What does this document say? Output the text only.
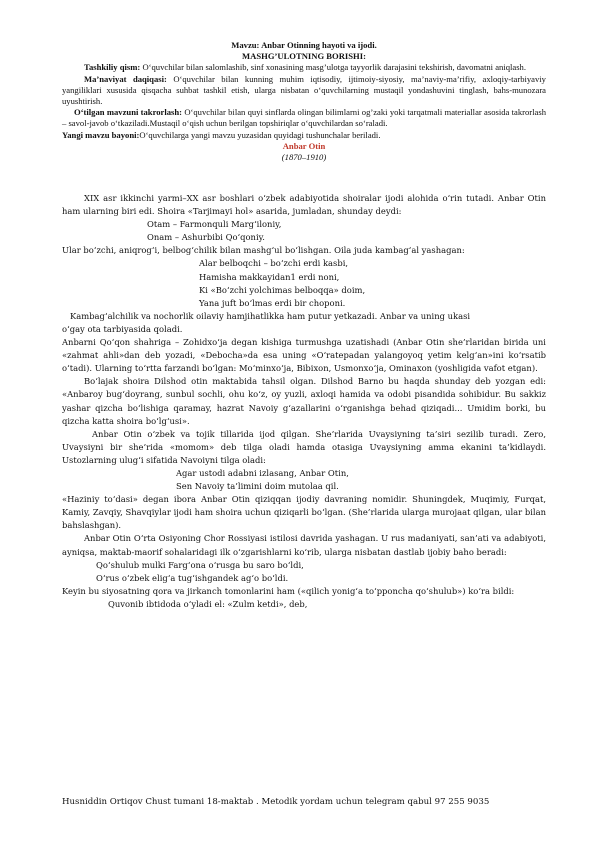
Mavzu: Anbar Otinning hayoti va ijodi.
MASHG’ULOTNING BORISHI:
Tashkiliy qism: O‘quvchilar bilan salomlashib, sinf xonasining masg’ulotga tayyorlik darajasini tekshirish, davomatni aniqlash.
Ma’naviyat daqiqasi: O‘quvchilar bilan kunning muhim iqtisodiy, ijtimoiy-siyosiy, ma’naviy-ma’rifiy, axloqiy-tarbiyaviy yangiliklari xususida qisqacha suhbat tashkil etish, ularga nisbatan o‘quvchilarning mustaqil yondashuvini tinglash, bahs-munozara uyushtirish.
O‘tilgan mavzuni takrorlash: O‘quvchilar bilan quyi sinflarda olingan bilimlarni og’zaki yoki tarqatmali materiallar asosida takrorlash – savol-javob o‘tkaziladi.Mustaqil o‘qish uchun berilgan topshiriqlar o‘quvchilardan so‘raladi.
Yangi mavzu bayoni:O‘quvchilarga yangi mavzu yuzasidan quyidagi tushunchalar beriladi.
Anbar Otin
(1870–1910)
XIX asr ikkinchi yarmi–XX asr boshlari o‘zbek adabiyotida shoiralar ijodi alohida o‘rin tutadi. Anbar Otin ham ularning biri edi. Shoira «Tarjimayi hol» asarida, jumladan, shunday deydi:
Otam – Farmonquli Marg‘iloniy,
Onam – Ashurbibi Qo‘qoniy.
Ular bo‘zchi, aniqrog‘i, belbog‘chilik bilan mashg‘ul bo‘lishgan. Oila juda kambag‘al yashagan:
Alar belboqchi – bo‘zchi erdi kasbi,
Hamisha makkayidan1 erdi noni,
Ki «Bo‘zchi yolchimas belboqqa» doim,
Yana juft bo‘lmas erdi bir choponi.
Kambag‘alchilik va nochorlik oilaviy hamjihatlikka ham putur yetkazadi. Anbar va uning ukasi
o‘gay ota tarbiyasida qoladi.
Anbarni Qo‘qon shahriga – Zohidxo‘ja degan kishiga turmushga uzatishadi (Anbar Otin she’rlaridan birida uni «zahmat ahli»dan deb yozadi, «Debocha»da esa uning «O‘ratepadan yalangoyoq yetim kelg‘an»ini ko‘rsatib o‘tadi). Ularning to‘rtta farzandi bo‘lgan: Mo‘minxo‘ja, Bibixon, Usmonxo‘ja, Ominaxon (yoshligida vafot etgan).
Bo‘lajak shoira Dilshod otin maktabida tahsil olgan. Dilshod Barno bu haqda shunday deb yozgan edi: «Anbaroy bug‘doyrang, sunbul sochli, ohu ko‘z, oy yuzli, axloqi hamida va odobi pisandida sohibidur. Bu sakkiz yashar qizcha bo‘lishiga qaramay, hazrat Navoiy g‘azallarini o‘rganishga behad qiziqadi... Umidim borki, bu qizcha katta shoira bo‘lg‘usi».
Anbar Otin o‘zbek va tojik tillarida ijod qilgan. She’rlarida Uvaysiyning ta’siri sezilib turadi. Zero, Uvaysiyni bir she’rida «momom» deb tilga oladi hamda otasiga Uvaysiyning amma ekanini ta’kidlaydi. Ustozlarning ulug‘i sifatida Navoiyni tilga oladi:
Agar ustodi adabni izlasang, Anbar Otin,
Sen Navoiy ta’limini doim mutolaa qil.
«Haziniy to‘dasi» degan ibora Anbar Otin qiziqqan ijodiy davraning nomidir. Shuningdek, Muqimiy, Furqat, Kamiy, Zavqiy, Shavqiylar ijodi ham shoira uchun qiziqarli bo‘lgan. (She’rlarida ularga murojaat qilgan, ular bilan bahslashgan).
Anbar Otin O‘rta Osiyoning Chor Rossiyasi istilosi davrida yashagan. U rus madaniyati, san’ati va adabiyoti, ayniqsa, maktab-maorif sohalaridagi ilk o‘zgarishlarni ko‘rib, ularga nisbatan dastlab ijobiy baho beradi:
Qo‘shulub mulki Farg‘ona o‘rusga bu saro bo‘ldi,
O‘rus o‘zbek elig‘a tug‘ishgandek ag‘o bo‘ldi.
Keyin bu siyosatning qora va jirkanch tomonlarini ham («qilich yonig‘a to‘pponcha qo‘shulub») ko‘ra bildi:
Quvonib ibtidoda o‘yladi el: «Zulm ketdi», deb,
Husniddin Ortiqov Chust tumani 18-maktab . Metodik yordam uchun telegram qabul 97 255 9035
